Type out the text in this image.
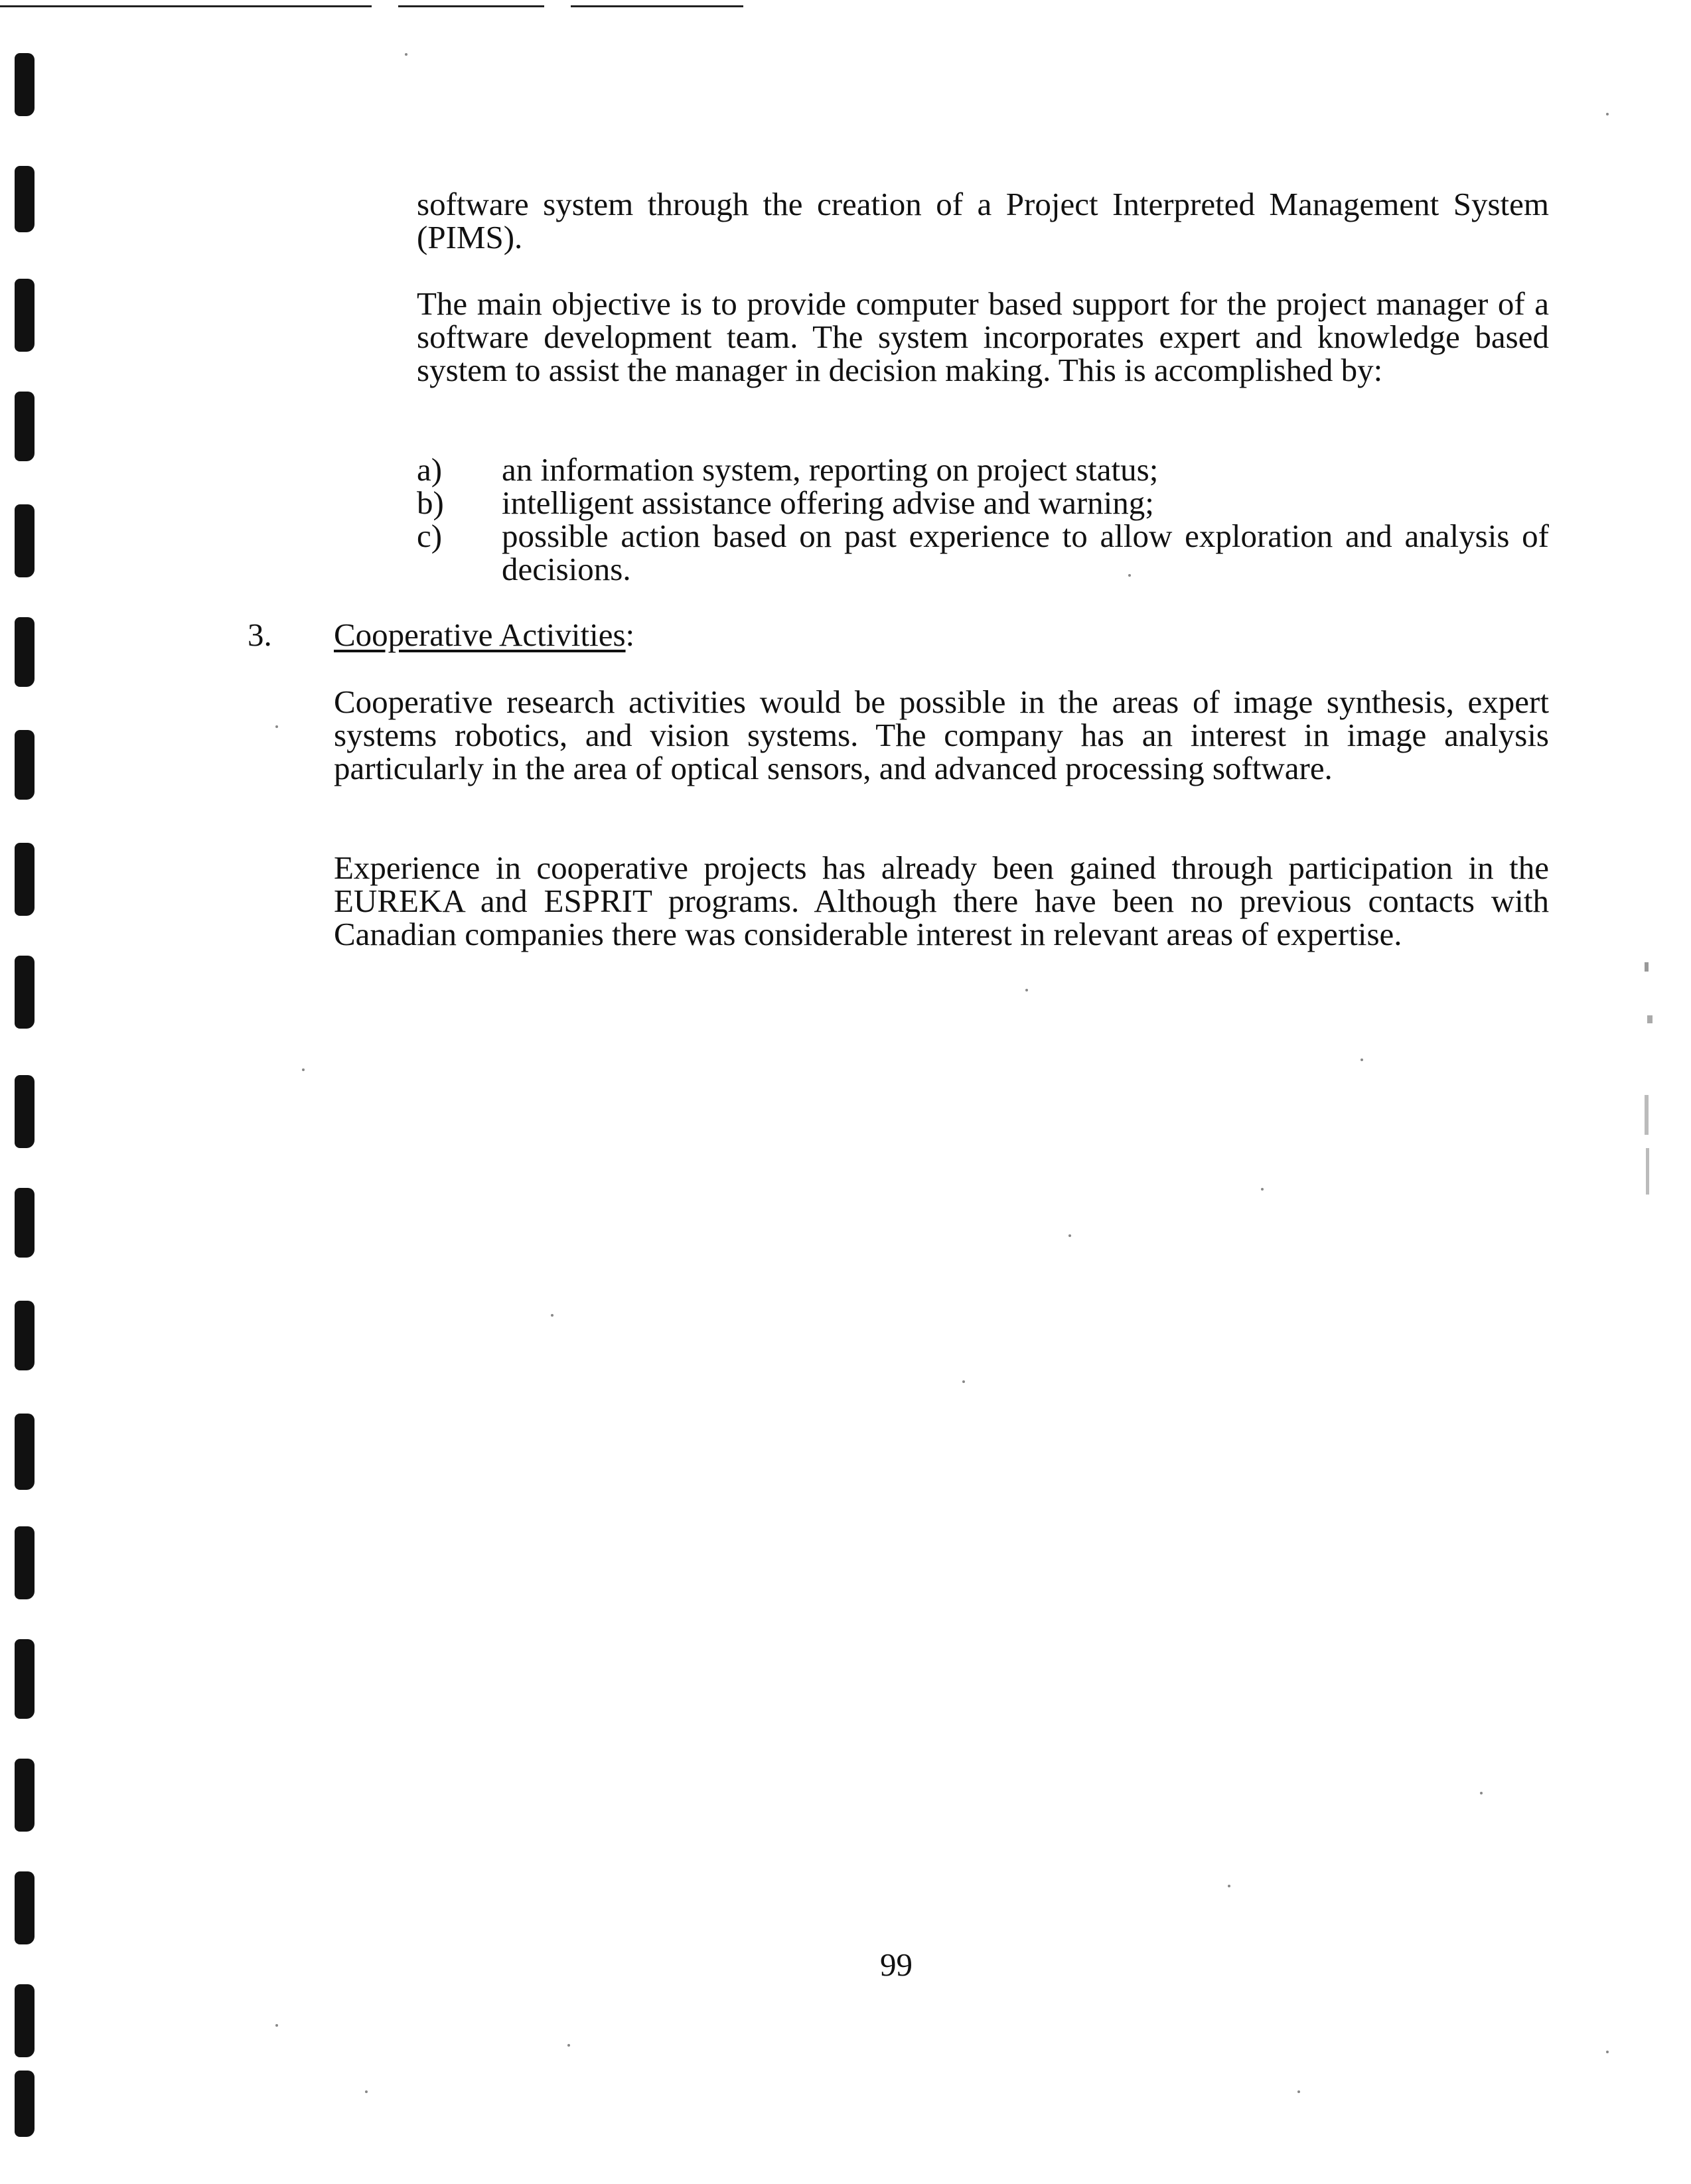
software system through the creation of a Project Interpreted Management System (PIMS).

The main objective is to provide computer based support for the project manager of a software development team. The system incorporates expert and knowledge based system to assist the manager in decision making. This is accomplished by:

a) an information system, reporting on project status;
b) intelligent assistance offering advise and warning;
c) possible action based on past experience to allow exploration and analysis of decisions.
3. Cooperative Activities:

Cooperative research activities would be possible in the areas of image synthesis, expert systems robotics, and vision systems. The company has an interest in image analysis particularly in the area of optical sensors, and advanced processing software.

Experience in cooperative projects has already been gained through participation in the EUREKA and ESPRIT programs. Although there have been no previous contacts with Canadian companies there was considerable interest in relevant areas of expertise.

99
